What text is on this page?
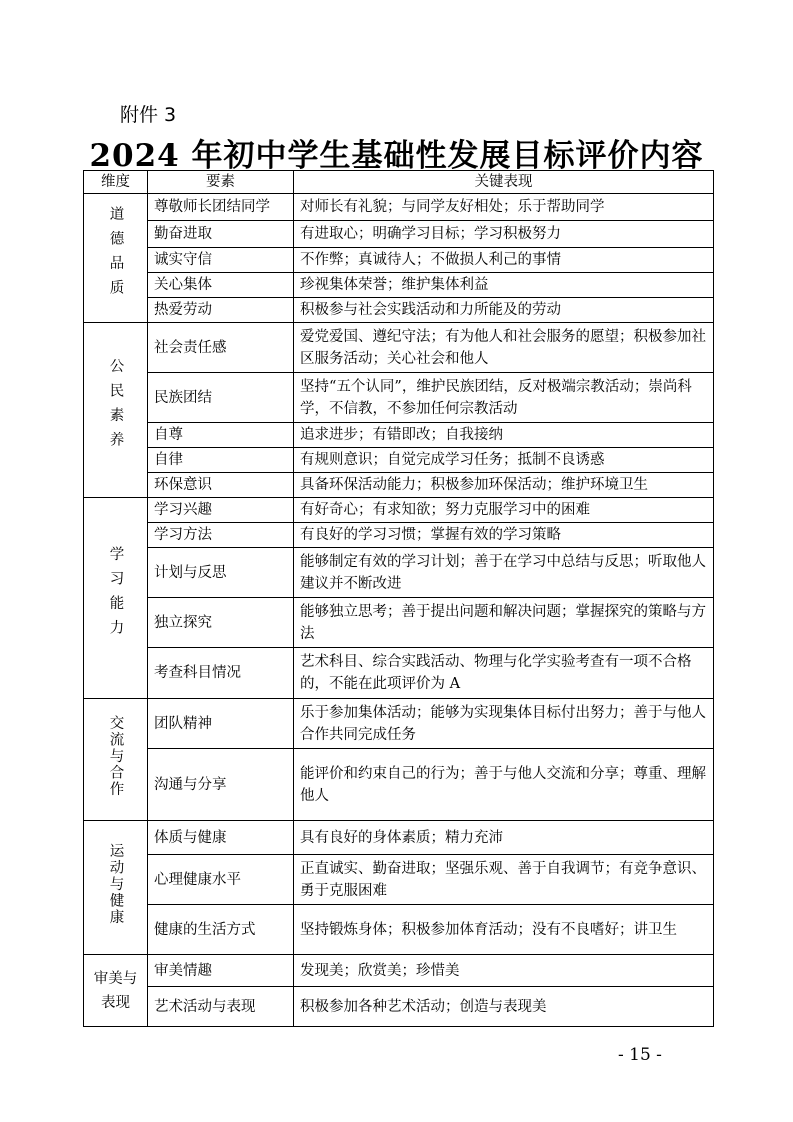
附件 3
2024 年初中学生基础性发展目标评价内容
维度	要素	关键表现
道德品质	尊敬师长团结同学	对师长有礼貌；与同学友好相处；乐于帮助同学
	勤奋进取	有进取心；明确学习目标；学习积极努力
	诚实守信	不作弊；真诚待人；不做损人利己的事情
	关心集体	珍视集体荣誉；维护集体利益
	热爱劳动	积极参与社会实践活动和力所能及的劳动
公民素养	社会责任感	爱党爱国、遵纪守法；有为他人和社会服务的愿望；积极参加社区服务活动；关心社会和他人
	民族团结	坚持“五个认同”，维护民族团结，反对极端宗教活动；崇尚科学，不信教，不参加任何宗教活动
	自尊	追求进步；有错即改；自我接纳
	自律	有规则意识；自觉完成学习任务；抵制不良诱惑
	环保意识	具备环保活动能力；积极参加环保活动；维护环境卫生
学习能力	学习兴趣	有好奇心；有求知欲；努力克服学习中的困难
	学习方法	有良好的学习习惯；掌握有效的学习策略
	计划与反思	能够制定有效的学习计划；善于在学习中总结与反思；听取他人建议并不断改进
	独立探究	能够独立思考；善于提出问题和解决问题；掌握探究的策略与方法
	考查科目情况	艺术科目、综合实践活动、物理与化学实验考查有一项不合格的，不能在此项评价为 A
交流与合作	团队精神	乐于参加集体活动；能够为实现集体目标付出努力；善于与他人合作共同完成任务
	沟通与分享	能评价和约束自己的行为；善于与他人交流和分享；尊重、理解他人
运动与健康	体质与健康	具有良好的身体素质；精力充沛
	心理健康水平	正直诚实、勤奋进取；坚强乐观、善于自我调节；有竞争意识、勇于克服困难
	健康的生活方式	坚持锻炼身体；积极参加体育活动；没有不良嗜好；讲卫生
审美与表现	审美情趣	发现美；欣赏美；珍惜美
	艺术活动与表现	积极参加各种艺术活动；创造与表现美
- 15 -
